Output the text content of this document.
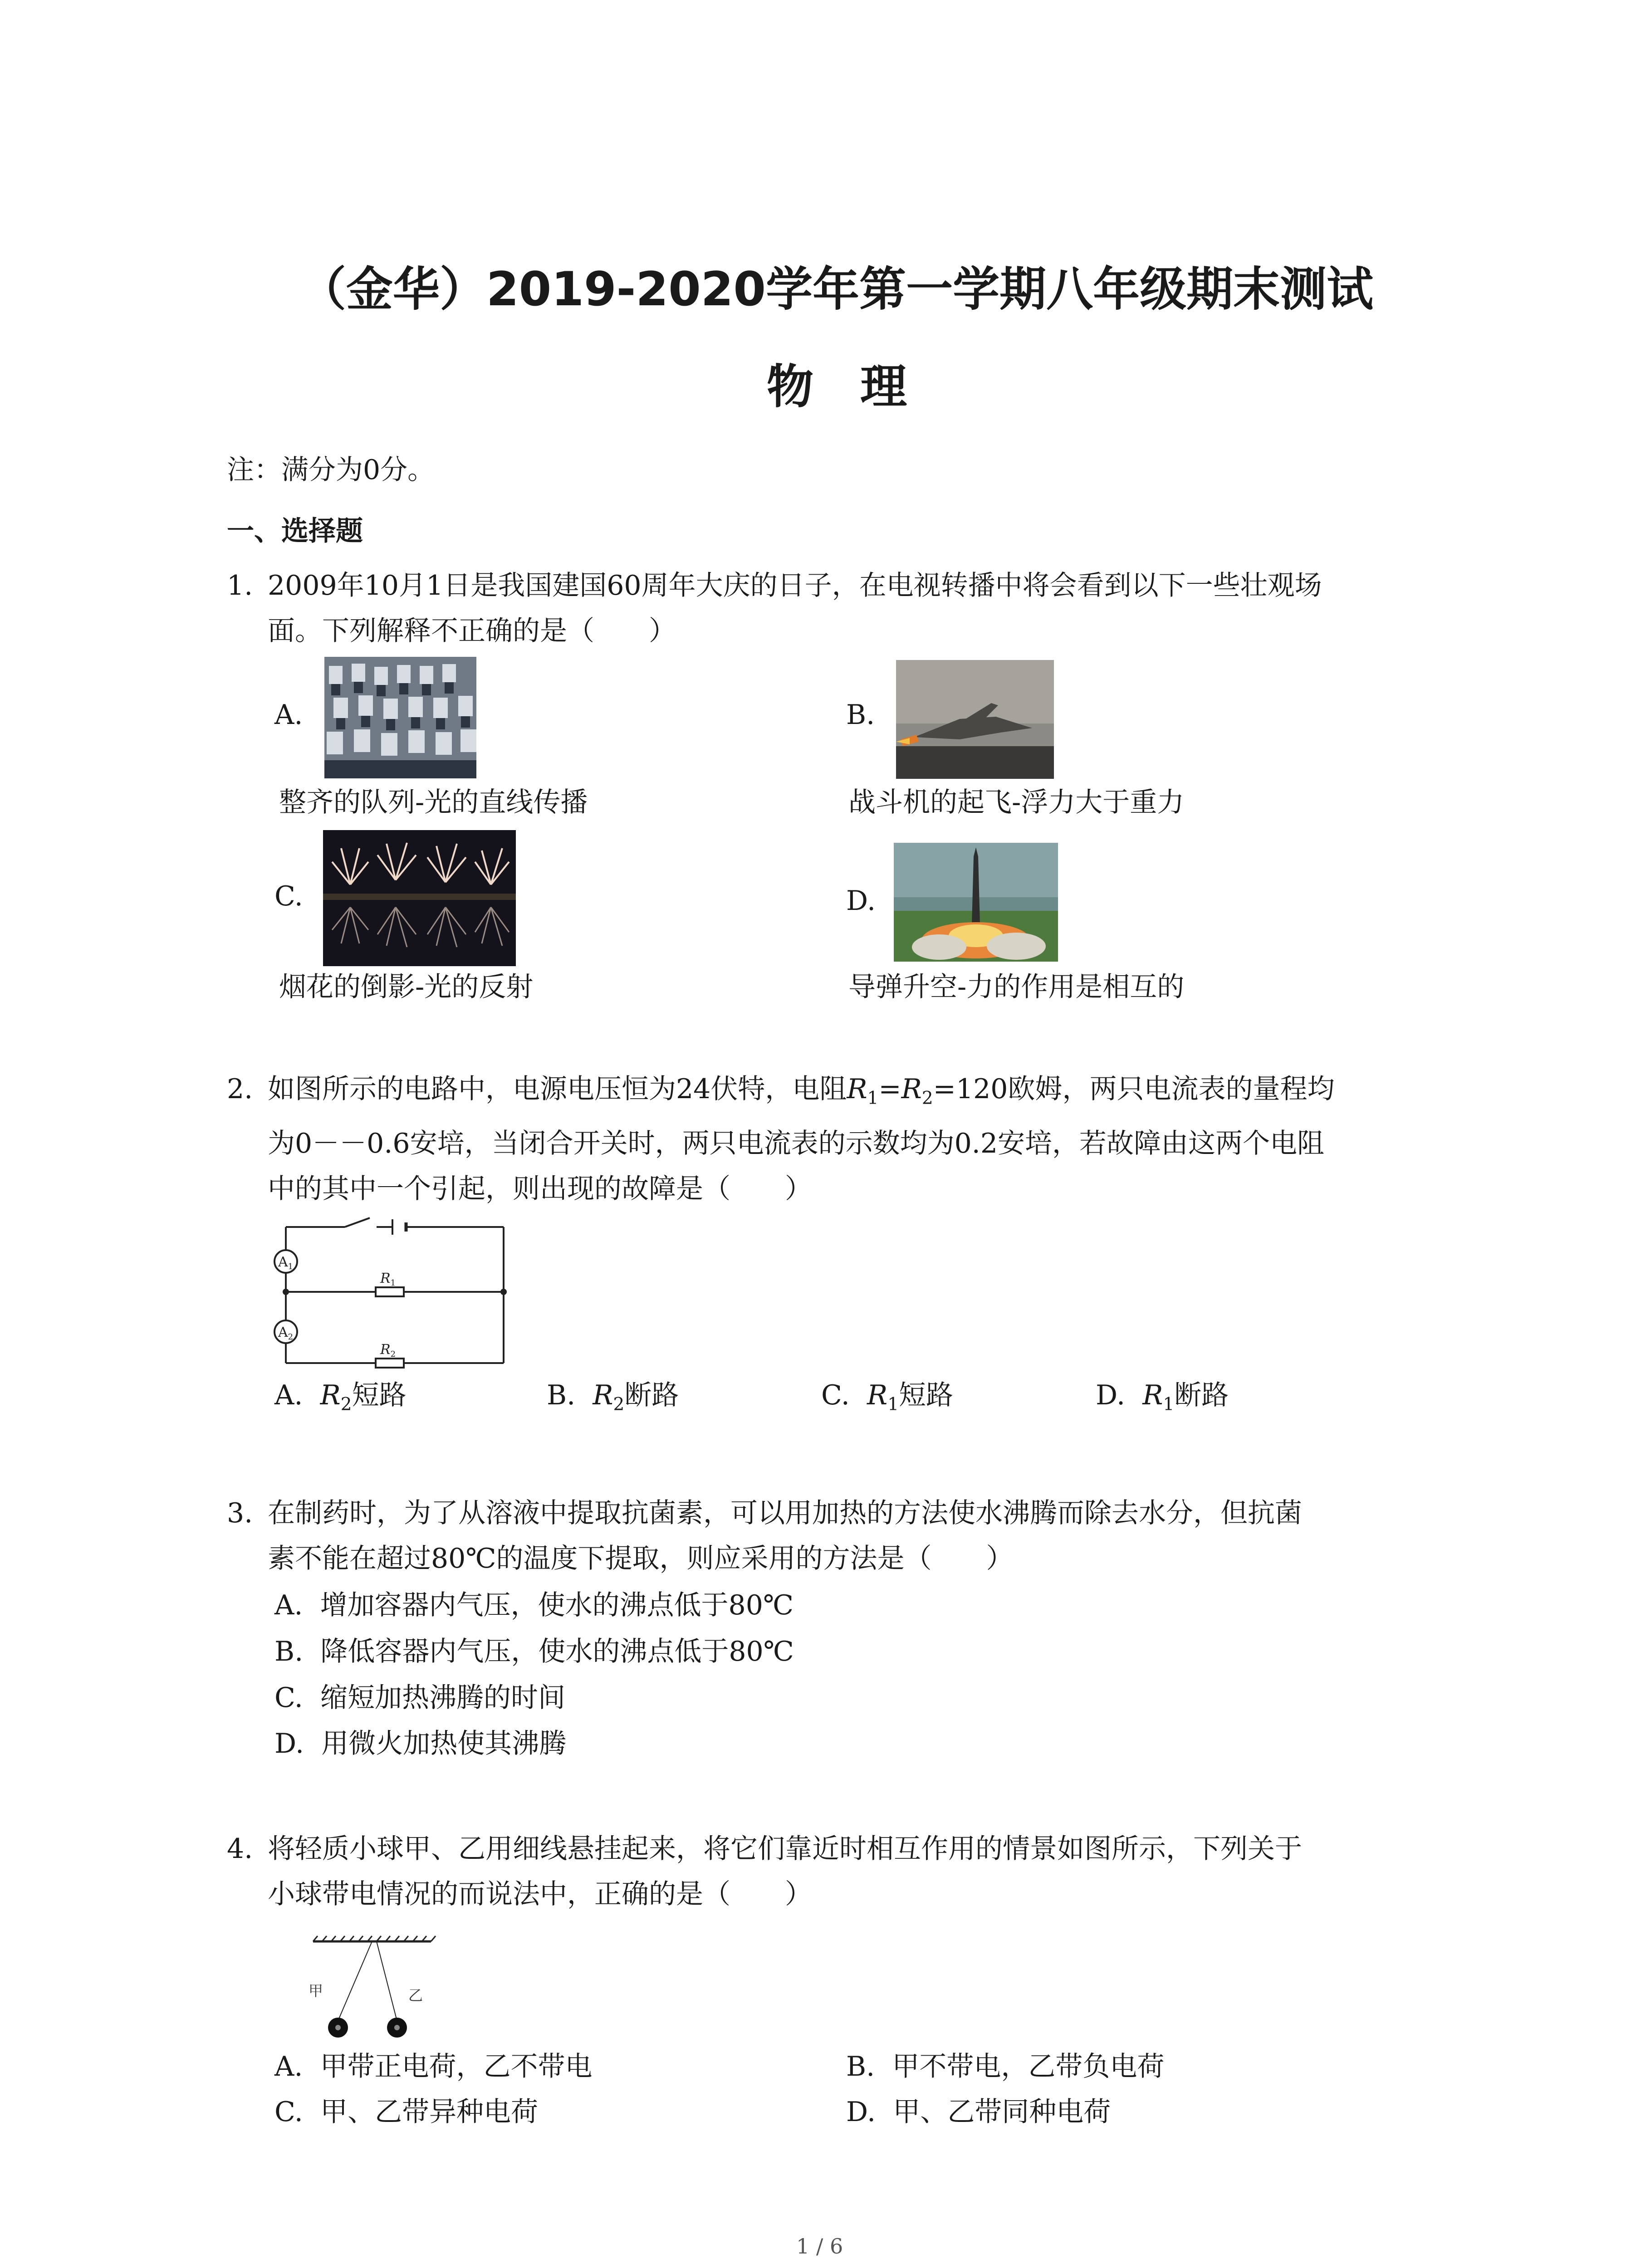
（金华）2019-2020学年第一学期八年级期末测试
物　理
注：满分为0分。
一、选择题
1. 2009年10月1日是我国建国60周年大庆的日子，在电视转播中将会看到以下一些壮观场
面。下列解释不正确的是（　　）
A.
整齐的队列-光的直线传播
B.
战斗机的起飞-浮力大于重力
C.
烟花的倒影-光的反射
D.
导弹升空-力的作用是相互的
2. 如图所示的电路中，电源电压恒为24伏特，电阻$R_1=R_2=120$欧姆，两只电流表的量程均
为0－－0.6安培，当闭合开关时，两只电流表的示数均为0.2安培，若故障由这两个电阻
中的其中一个引起，则出现的故障是（　　）
$A_1$
$A_2$
$R_1$
$R_2$
A. $R_2$短路	B. $R_2$断路	C. $R_1$短路	D. $R_1$断路
3. 在制药时，为了从溶液中提取抗菌素，可以用加热的方法使水沸腾而除去水分，但抗菌
素不能在超过80℃的温度下提取，则应采用的方法是（　　）
A. 增加容器内气压，使水的沸点低于80℃
B. 降低容器内气压，使水的沸点低于80℃
C. 缩短加热沸腾的时间
D. 用微火加热使其沸腾
4. 将轻质小球甲、乙用细线悬挂起来，将它们靠近时相互作用的情景如图所示，下列关于
小球带电情况的而说法中，正确的是（　　）
甲	乙
A. 甲带正电荷，乙不带电	B. 甲不带电，乙带负电荷
C. 甲、乙带异种电荷	D. 甲、乙带同种电荷
1 / 6
